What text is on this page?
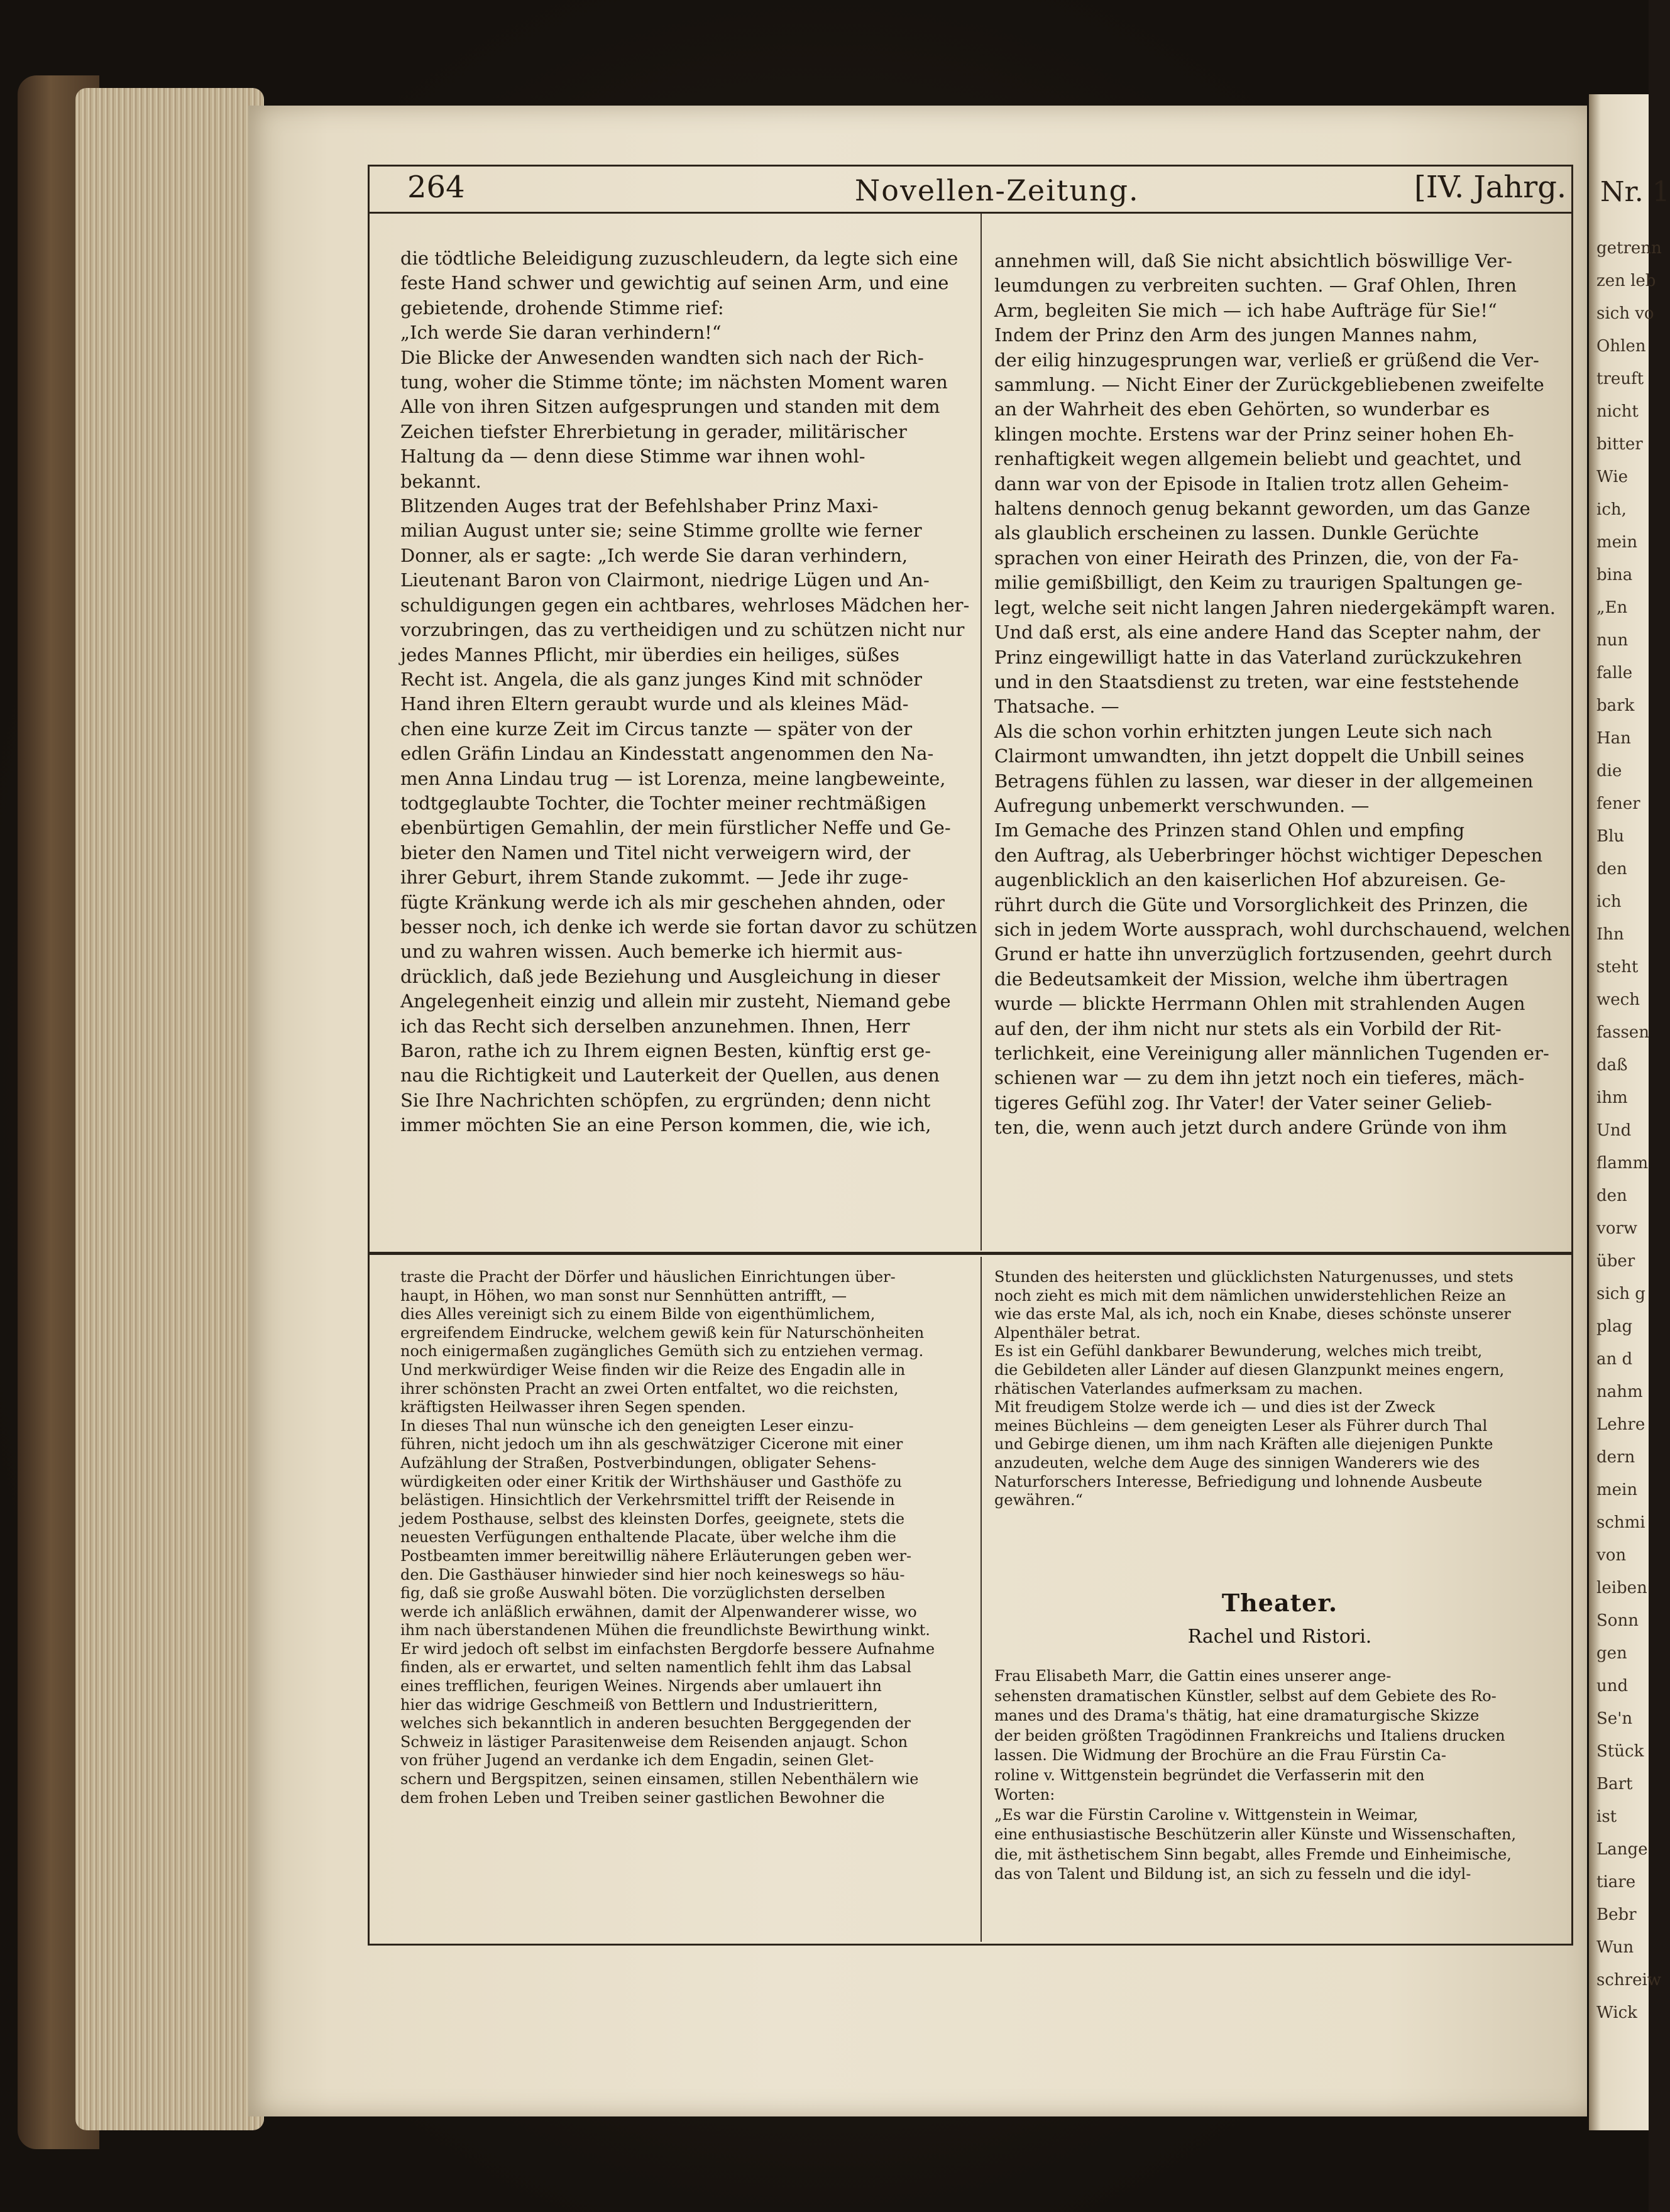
Nr. 1
getrenn
zen leb
sich vo
Ohlen
treuft
nicht
bitter
Wie
ich,
mein
bina
„En
nun
falle
bark
Han
die
fener
Blu
den
ich
Ihn
steht
wech
fassen
daß
ihm
Und
flamm
den
vorw
über
sich g
plag
an d
nahm
Lehre
dern
mein
schmi
von
leiben
Sonn
gen
und
Se'n
Stück
Bart
ist
Lange
tiare
Bebr
Wun
schreiw
Wick
264	Novellen-Zeitung.	[IV. Jahrg.
die tödtliche Beleidigung zuzuschleudern, da legte sich eine
feste Hand schwer und gewichtig auf seinen Arm, und eine
gebietende, drohende Stimme rief:
„Ich werde Sie daran verhindern!“
Die Blicke der Anwesenden wandten sich nach der Rich-
tung, woher die Stimme tönte; im nächsten Moment waren
Alle von ihren Sitzen aufgesprungen und standen mit dem
Zeichen tiefster Ehrerbietung in gerader, militärischer
Haltung da — denn diese Stimme war ihnen wohl-
bekannt.
Blitzenden Auges trat der Befehlshaber Prinz Maxi-
milian August unter sie; seine Stimme grollte wie ferner
Donner, als er sagte: „Ich werde Sie daran verhindern,
Lieutenant Baron von Clairmont, niedrige Lügen und An-
schuldigungen gegen ein achtbares, wehrloses Mädchen her-
vorzubringen, das zu vertheidigen und zu schützen nicht nur
jedes Mannes Pflicht, mir überdies ein heiliges, süßes
Recht ist. Angela, die als ganz junges Kind mit schnöder
Hand ihren Eltern geraubt wurde und als kleines Mäd-
chen eine kurze Zeit im Circus tanzte — später von der
edlen Gräfin Lindau an Kindesstatt angenommen den Na-
men Anna Lindau trug — ist Lorenza, meine langbeweinte,
todtgeglaubte Tochter, die Tochter meiner rechtmäßigen
ebenbürtigen Gemahlin, der mein fürstlicher Neffe und Ge-
bieter den Namen und Titel nicht verweigern wird, der
ihrer Geburt, ihrem Stande zukommt. — Jede ihr zuge-
fügte Kränkung werde ich als mir geschehen ahnden, oder
besser noch, ich denke ich werde sie fortan davor zu schützen
und zu wahren wissen. Auch bemerke ich hiermit aus-
drücklich, daß jede Beziehung und Ausgleichung in dieser
Angelegenheit einzig und allein mir zusteht, Niemand gebe
ich das Recht sich derselben anzunehmen. Ihnen, Herr
Baron, rathe ich zu Ihrem eignen Besten, künftig erst ge-
nau die Richtigkeit und Lauterkeit der Quellen, aus denen
Sie Ihre Nachrichten schöpfen, zu ergründen; denn nicht
immer möchten Sie an eine Person kommen, die, wie ich,
annehmen will, daß Sie nicht absichtlich böswillige Ver-
leumdungen zu verbreiten suchten. — Graf Ohlen, Ihren
Arm, begleiten Sie mich — ich habe Aufträge für Sie!“
Indem der Prinz den Arm des jungen Mannes nahm,
der eilig hinzugesprungen war, verließ er grüßend die Ver-
sammlung. — Nicht Einer der Zurückgebliebenen zweifelte
an der Wahrheit des eben Gehörten, so wunderbar es
klingen mochte. Erstens war der Prinz seiner hohen Eh-
renhaftigkeit wegen allgemein beliebt und geachtet, und
dann war von der Episode in Italien trotz allen Geheim-
haltens dennoch genug bekannt geworden, um das Ganze
als glaublich erscheinen zu lassen. Dunkle Gerüchte
sprachen von einer Heirath des Prinzen, die, von der Fa-
milie gemißbilligt, den Keim zu traurigen Spaltungen ge-
legt, welche seit nicht langen Jahren niedergekämpft waren.
Und daß erst, als eine andere Hand das Scepter nahm, der
Prinz eingewilligt hatte in das Vaterland zurückzukehren
und in den Staatsdienst zu treten, war eine feststehende
Thatsache. —
Als die schon vorhin erhitzten jungen Leute sich nach
Clairmont umwandten, ihn jetzt doppelt die Unbill seines
Betragens fühlen zu lassen, war dieser in der allgemeinen
Aufregung unbemerkt verschwunden. —
Im Gemache des Prinzen stand Ohlen und empfing
den Auftrag, als Ueberbringer höchst wichtiger Depeschen
augenblicklich an den kaiserlichen Hof abzureisen. Ge-
rührt durch die Güte und Vorsorglichkeit des Prinzen, die
sich in jedem Worte aussprach, wohl durchschauend, welchen
Grund er hatte ihn unverzüglich fortzusenden, geehrt durch
die Bedeutsamkeit der Mission, welche ihm übertragen
wurde — blickte Herrmann Ohlen mit strahlenden Augen
auf den, der ihm nicht nur stets als ein Vorbild der Rit-
terlichkeit, eine Vereinigung aller männlichen Tugenden er-
schienen war — zu dem ihn jetzt noch ein tieferes, mäch-
tigeres Gefühl zog. Ihr Vater! der Vater seiner Gelieb-
ten, die, wenn auch jetzt durch andere Gründe von ihm
traste die Pracht der Dörfer und häuslichen Einrichtungen über-
haupt, in Höhen, wo man sonst nur Sennhütten antrifft, —
dies Alles vereinigt sich zu einem Bilde von eigenthümlichem,
ergreifendem Eindrucke, welchem gewiß kein für Naturschönheiten
noch einigermaßen zugängliches Gemüth sich zu entziehen vermag.
Und merkwürdiger Weise finden wir die Reize des Engadin alle in
ihrer schönsten Pracht an zwei Orten entfaltet, wo die reichsten,
kräftigsten Heilwasser ihren Segen spenden.
In dieses Thal nun wünsche ich den geneigten Leser einzu-
führen, nicht jedoch um ihn als geschwätziger Cicerone mit einer
Aufzählung der Straßen, Postverbindungen, obligater Sehens-
würdigkeiten oder einer Kritik der Wirthshäuser und Gasthöfe zu
belästigen. Hinsichtlich der Verkehrsmittel trifft der Reisende in
jedem Posthause, selbst des kleinsten Dorfes, geeignete, stets die
neuesten Verfügungen enthaltende Placate, über welche ihm die
Postbeamten immer bereitwillig nähere Erläuterungen geben wer-
den. Die Gasthäuser hinwieder sind hier noch keineswegs so häu-
fig, daß sie große Auswahl böten. Die vorzüglichsten derselben
werde ich anläßlich erwähnen, damit der Alpenwanderer wisse, wo
ihm nach überstandenen Mühen die freundlichste Bewirthung winkt.
Er wird jedoch oft selbst im einfachsten Bergdorfe bessere Aufnahme
finden, als er erwartet, und selten namentlich fehlt ihm das Labsal
eines trefflichen, feurigen Weines. Nirgends aber umlauert ihn
hier das widrige Geschmeiß von Bettlern und Industrierittern,
welches sich bekanntlich in anderen besuchten Berggegenden der
Schweiz in lästiger Parasitenweise dem Reisenden anjaugt. Schon
von früher Jugend an verdanke ich dem Engadin, seinen Glet-
schern und Bergspitzen, seinen einsamen, stillen Nebenthälern wie
dem frohen Leben und Treiben seiner gastlichen Bewohner die
Stunden des heitersten und glücklichsten Naturgenusses, und stets
noch zieht es mich mit dem nämlichen unwiderstehlichen Reize an
wie das erste Mal, als ich, noch ein Knabe, dieses schönste unserer
Alpenthäler betrat.
Es ist ein Gefühl dankbarer Bewunderung, welches mich treibt,
die Gebildeten aller Länder auf diesen Glanzpunkt meines engern,
rhätischen Vaterlandes aufmerksam zu machen.
Mit freudigem Stolze werde ich — und dies ist der Zweck
meines Büchleins — dem geneigten Leser als Führer durch Thal
und Gebirge dienen, um ihm nach Kräften alle diejenigen Punkte
anzudeuten, welche dem Auge des sinnigen Wanderers wie des
Naturforschers Interesse, Befriedigung und lohnende Ausbeute
gewähren.“
Theater.
Rachel und Ristori.
Frau Elisabeth Marr, die Gattin eines unserer ange-
sehensten dramatischen Künstler, selbst auf dem Gebiete des Ro-
manes und des Drama's thätig, hat eine dramaturgische Skizze
der beiden größten Tragödinnen Frankreichs und Italiens drucken
lassen. Die Widmung der Brochüre an die Frau Fürstin Ca-
roline v. Wittgenstein begründet die Verfasserin mit den
Worten:
„Es war die Fürstin Caroline v. Wittgenstein in Weimar,
eine enthusiastische Beschützerin aller Künste und Wissenschaften,
die, mit ästhetischem Sinn begabt, alles Fremde und Einheimische,
das von Talent und Bildung ist, an sich zu fesseln und die idyl-
